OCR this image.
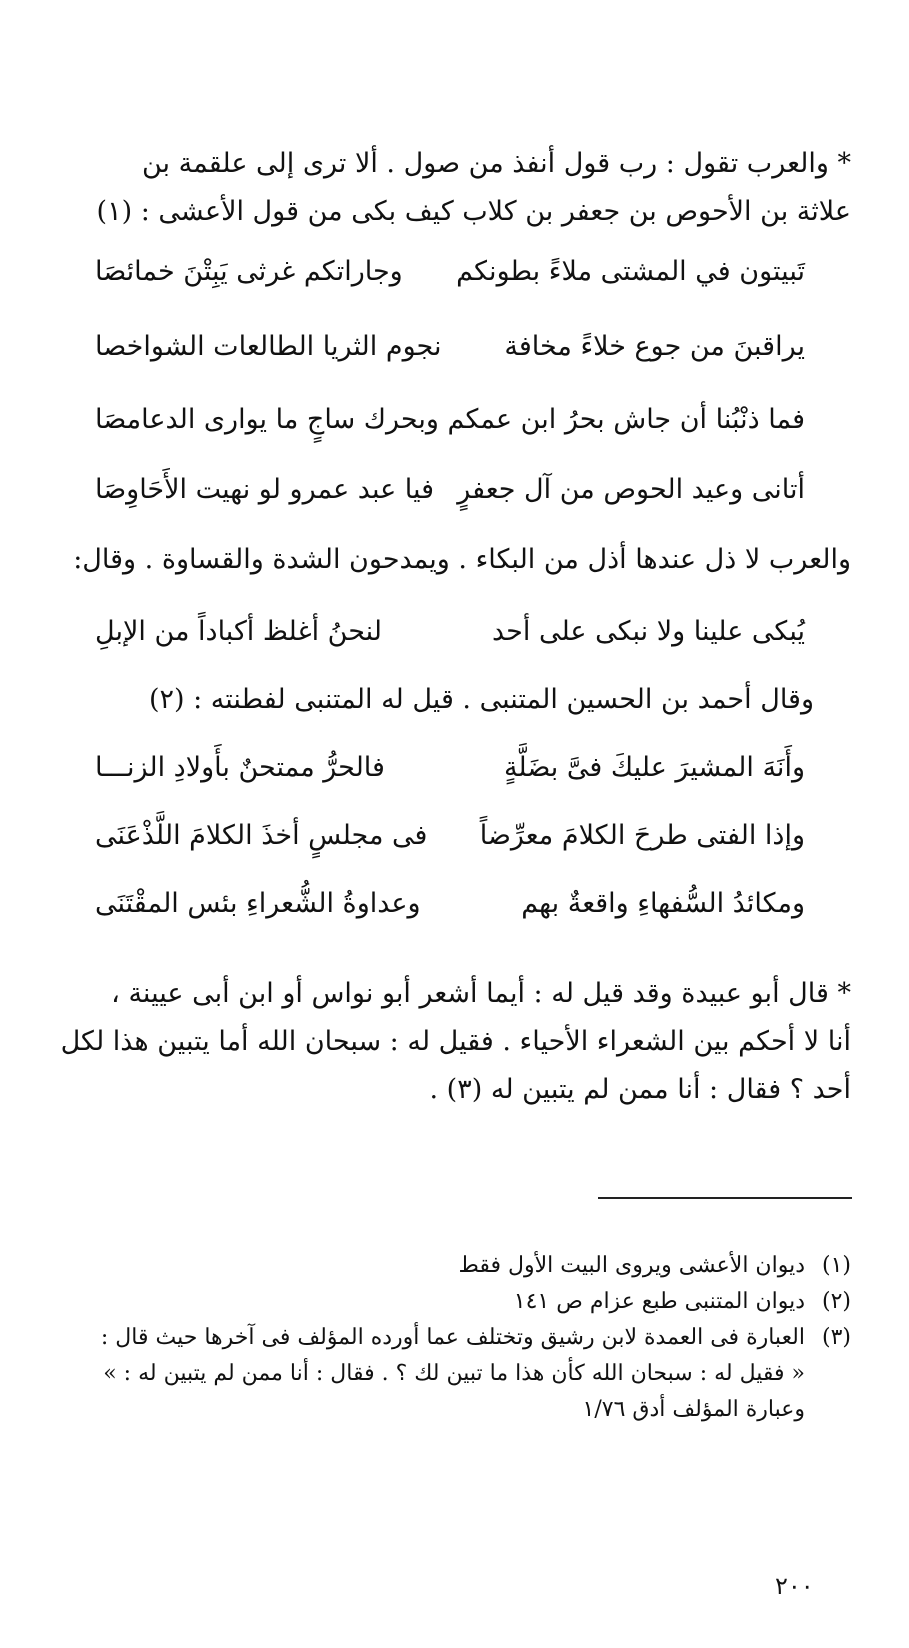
* والعرب تقول : رب قول أنفذ من صول . ألا ترى إلى علقمة بن
علاثة بن الأحوص بن جعفر بن كلاب كيف بكى من قول الأعشى : (١)
تَبيتون في المشتى ملاءً بطونكم
وجاراتكم غرثى يَبِتْنَ خمائصَا
يراقبنَ من جوع خلاءً مخافة
نجوم الثريا الطالعات الشواخصا
فما ذنْبُنا أن جاش بحرُ ابن عمكم
وبحرك ساجٍ ما يوارى الدعامصَا
أتانى وعيد الحوص من آل جعفرٍ
فيا عبد عمرو لو نهيت الأَحَاوِصَا
والعرب لا ذل عندها أذل من البكاء . ويمدحون الشدة والقساوة . وقال:
يُبكى علينا ولا نبكى على أحد
لنحنُ أغلظ أكباداً من الإبلِ
وقال أحمد بن الحسين المتنبى . قيل له المتنبى لفطنته : (٢)
وأَنَهَ المشيرَ عليكَ فىَّ بضَلَّةٍ
فالحرُّ ممتحنٌ بأَولادِ الزنـــا
وإذا الفتى طرحَ الكلامَ معرِّضاً
فى مجلسٍ أخذَ الكلامَ اللَّذْعَنَى
ومكائدُ السُّفهاءِ واقعةٌ بهم
وعداوةُ الشُّعراءِ بئس المقْتَنَى
* قال أبو عبيدة وقد قيل له : أيما أشعر أبو نواس أو ابن أبى عيينة ،
أنا لا أحكم بين الشعراء الأحياء . فقيل له : سبحان الله أما يتبين هذا لكل
أحد ؟ فقال : أنا ممن لم يتبين له (٣) .
(١)ديوان الأعشى ويروى البيت الأول فقط
(٢)ديوان المتنبى طبع عزام ص ١٤١
(٣)العبارة فى العمدة لابن رشيق وتختلف عما أورده المؤلف فى آخرها حيث قال :
« فقيل له : سبحان الله كأن هذا ما تبين لك ؟ . فقال : أنا ممن لم يتبين له : »
وعبارة المؤلف أدق ١/٧٦
٢٠٠
